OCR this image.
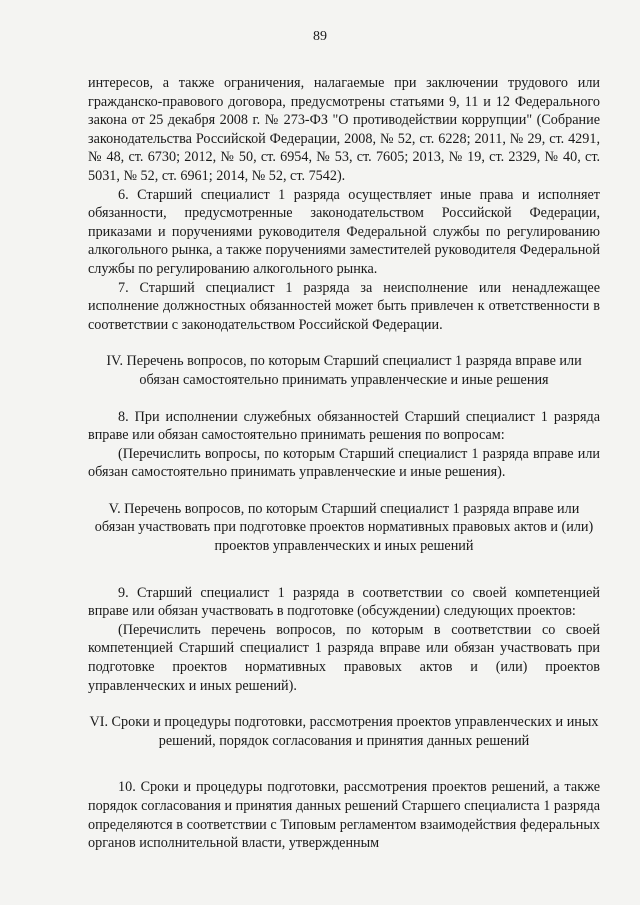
89

интересов, а также ограничения, налагаемые при заключении трудового или гражданско-правового договора, предусмотрены статьями 9, 11 и 12 Федерального закона от 25 декабря 2008 г. № 273-ФЗ "О противодействии коррупции" (Собрание законодательства Российской Федерации, 2008, № 52, ст. 6228; 2011, № 29, ст. 4291, № 48, ст. 6730; 2012, № 50, ст. 6954, № 53, ст. 7605; 2013, № 19, ст. 2329, № 40, ст. 5031, № 52, ст. 6961; 2014, № 52, ст. 7542).

6. Старший специалист 1 разряда осуществляет иные права и исполняет обязанности, предусмотренные законодательством Российской Федерации, приказами и поручениями руководителя Федеральной службы по регулированию алкогольного рынка, а также поручениями заместителей руководителя Федеральной службы по регулированию алкогольного рынка.

7. Старший специалист 1 разряда за неисполнение или ненадлежащее исполнение должностных обязанностей может быть привлечен к ответственности в соответствии с законодательством Российской Федерации.

IV. Перечень вопросов, по которым Старший специалист 1 разряда вправе или обязан самостоятельно принимать управленческие и иные решения

8. При исполнении служебных обязанностей Старший специалист 1 разряда вправе или обязан самостоятельно принимать решения по вопросам:

(Перечислить вопросы, по которым Старший специалист 1 разряда вправе или обязан самостоятельно принимать управленческие и иные решения).

V. Перечень вопросов, по которым Старший специалист 1 разряда вправе или обязан участвовать при подготовке проектов нормативных правовых актов и (или) проектов управленческих и иных решений

9. Старший специалист 1 разряда в соответствии со своей компетенцией вправе или обязан участвовать в подготовке (обсуждении) следующих проектов:

(Перечислить перечень вопросов, по которым в соответствии со своей компетенцией Старший специалист 1 разряда вправе или обязан участвовать при подготовке проектов нормативных правовых актов и (или) проектов управленческих и иных решений).

VI. Сроки и процедуры подготовки, рассмотрения проектов управленческих и иных решений, порядок согласования и принятия данных решений

10. Сроки и процедуры подготовки, рассмотрения проектов решений, а также порядок согласования и принятия данных решений Старшего специалиста 1 разряда определяются в соответствии с Типовым регламентом взаимодействия федеральных органов исполнительной власти, утвержденным
